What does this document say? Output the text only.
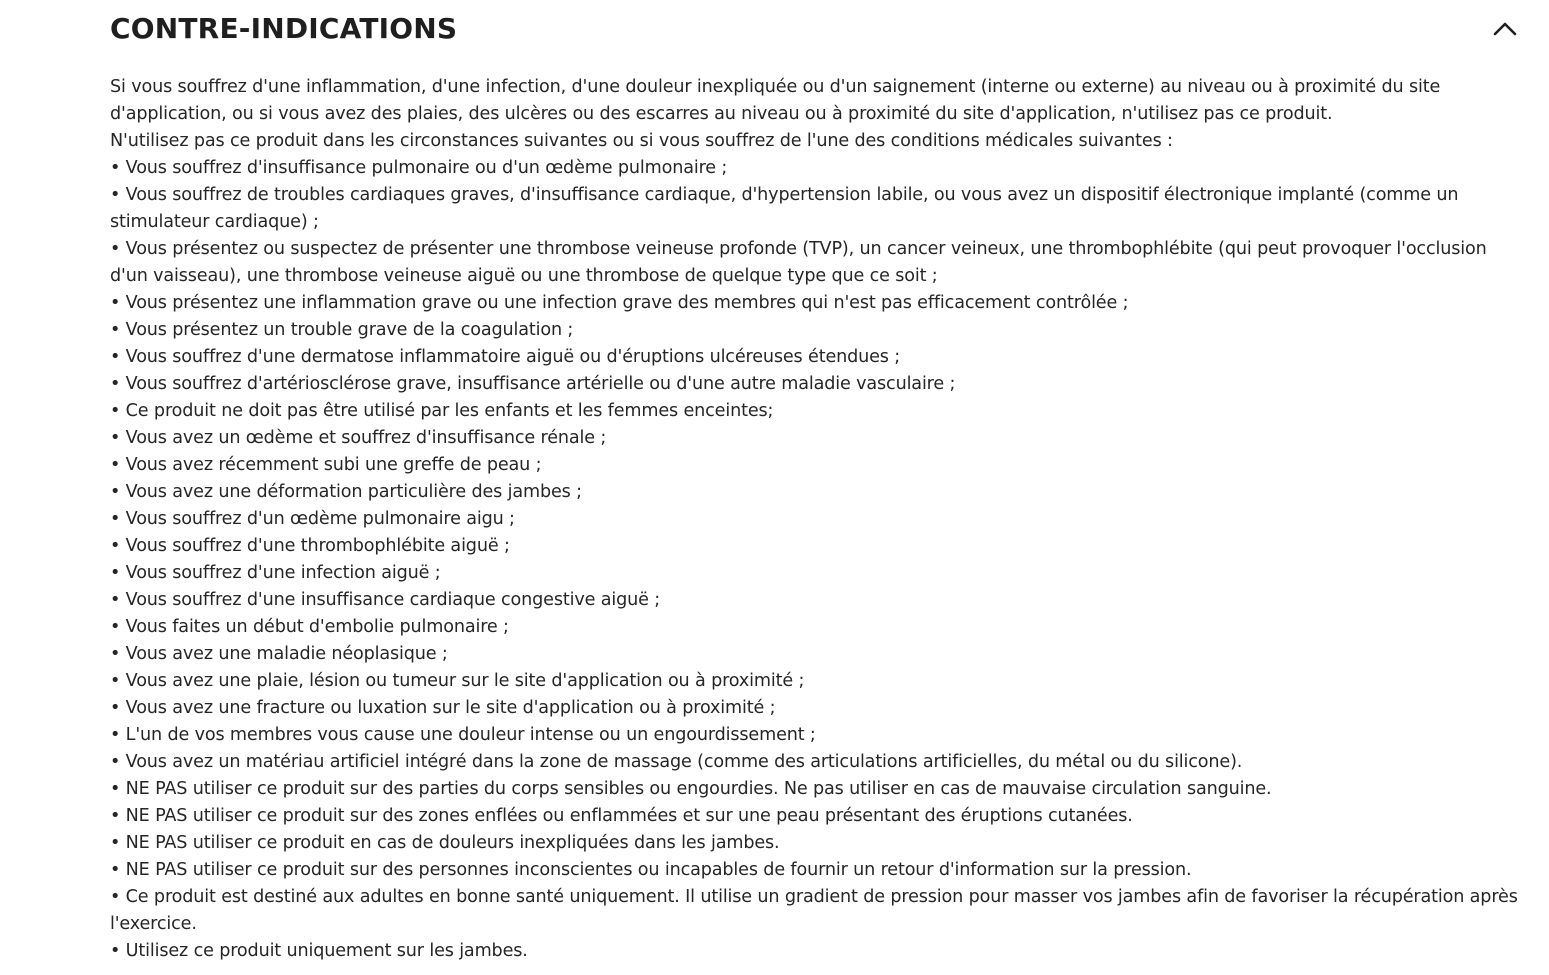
CONTRE-INDICATIONS

Si vous souffrez d'une inflammation, d'une infection, d'une douleur inexpliquée ou d'un saignement (interne ou externe) au niveau ou à proximité du site d'application, ou si vous avez des plaies, des ulcères ou des escarres au niveau ou à proximité du site d'application, n'utilisez pas ce produit.

N'utilisez pas ce produit dans les circonstances suivantes ou si vous souffrez de l'une des conditions médicales suivantes :

• Vous souffrez d'insuffisance pulmonaire ou d'un œdème pulmonaire ;
• Vous souffrez de troubles cardiaques graves, d'insuffisance cardiaque, d'hypertension labile, ou vous avez un dispositif électronique implanté (comme un stimulateur cardiaque) ;
• Vous présentez ou suspectez de présenter une thrombose veineuse profonde (TVP), un cancer veineux, une thrombophlébite (qui peut provoquer l'occlusion d'un vaisseau), une thrombose veineuse aiguë ou une thrombose de quelque type que ce soit ;
• Vous présentez une inflammation grave ou une infection grave des membres qui n'est pas efficacement contrôlée ;
• Vous présentez un trouble grave de la coagulation ;
• Vous souffrez d'une dermatose inflammatoire aiguë ou d'éruptions ulcéreuses étendues ;
• Vous souffrez d'artériosclérose grave, insuffisance artérielle ou d'une autre maladie vasculaire ;
• Ce produit ne doit pas être utilisé par les enfants et les femmes enceintes;
• Vous avez un œdème et souffrez d'insuffisance rénale ;
• Vous avez récemment subi une greffe de peau ;
• Vous avez une déformation particulière des jambes ;
• Vous souffrez d'un œdème pulmonaire aigu ;
• Vous souffrez d'une thrombophlébite aiguë ;
• Vous souffrez d'une infection aiguë ;
• Vous souffrez d'une insuffisance cardiaque congestive aiguë ;
• Vous faites un début d'embolie pulmonaire ;
• Vous avez une maladie néoplasique ;
• Vous avez une plaie, lésion ou tumeur sur le site d'application ou à proximité ;
• Vous avez une fracture ou luxation sur le site d'application ou à proximité ;
• L'un de vos membres vous cause une douleur intense ou un engourdissement ;
• Vous avez un matériau artificiel intégré dans la zone de massage (comme des articulations artificielles, du métal ou du silicone).
• NE PAS utiliser ce produit sur des parties du corps sensibles ou engourdies. Ne pas utiliser en cas de mauvaise circulation sanguine.
• NE PAS utiliser ce produit sur des zones enflées ou enflammées et sur une peau présentant des éruptions cutanées.
• NE PAS utiliser ce produit en cas de douleurs inexpliquées dans les jambes.
• NE PAS utiliser ce produit sur des personnes inconscientes ou incapables de fournir un retour d'information sur la pression.
• Ce produit est destiné aux adultes en bonne santé uniquement. Il utilise un gradient de pression pour masser vos jambes afin de favoriser la récupération après l'exercice.
• Utilisez ce produit uniquement sur les jambes.
